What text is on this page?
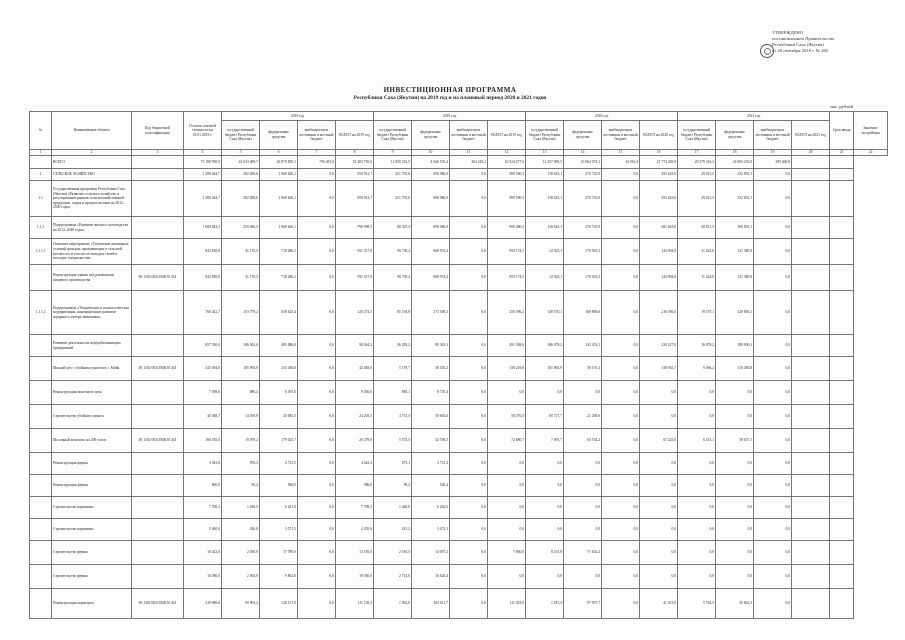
УТВЕРЖДЕНО
постановлением Правительства
Республики Саха (Якутия)
от 28 сентября 2018 г. № 282
ИНВЕСТИЦИОННАЯ ПРОГРАММА
Республики Саха (Якутия) на 2019 год и на плановый период 2020 и 2021 годов
тыс. рублей
№	Наименование объекта	Код бюджетной классификации	Остаток сметной стоимости на 01.01.2019 г.	2019 год				2019 год				2020 год				2021 год				Срок ввода	Заказчик-застройщик
				государственный бюджет Республики Саха (Якутия)	федеральные средства	внебюджетные источники и местный бюджет	ВСЕГО на 2019 год	государственный бюджет Республики Саха (Якутия)	федеральные средства	внебюджетные источники и местный бюджет	ВСЕГО на 2019 год	государственный бюджет Республики Саха (Якутия)	федеральные средства	внебюджетные источники и местный бюджет	ВСЕГО на 2020 год	государственный бюджет Республики Саха (Якутия)	федеральные средства	внебюджетные источники и местный бюджет	ВСЕГО на 2021 год		
1	2	3	4	5	6	7	8	9	10	11	12	13	14	15	16	17	18	19	20	21	22
	ВСЕГО		73 198 950,0	24 633 489,7	26 879 850,1	790 455,8	52 303 795,6	11 858 523,5	4 946 555,4	363 245,2	16 524 677,6	11 457 083,5	10 064 974,1	34 016,4	21 774 469,9	29 279 316,2	24 903 255,0	395 600,8			
1	СЕЛЬСКОЕ ХОЗЯЙСТВО		1 280 444,7	382 286,6	1 068 626,1	0,0	950 912,7	251 755,6	690 986,0	0,0	909 580,3	118 645,1	270 725,9	0,0	395 643,0	29 021,5	352 855,1	0,0			
1.1	Государственная программа Республики Саха (Якутия) «Развитие сельского хозяйства и регулирование рынков сельскохозяйственной продукции, сырья и продовольствия на 2012–2020 годы»		1 280 444,7	382 286,6	1 068 626,1	0,0	950 912,7	251 755,6	690 986,0	0,0	909 580,3	118 645,1	270 725,9	0,0	395 643,0	29 021,5	352 855,1	0,0			
1.1.1	Подпрограмма «Развитие мясного скотоводства на 2012–2020 годы»		1 080 843,2	259 040,3	1 068 626,1	0,0	790 909,5	80 325,3	690 986,0	0,0	909 480,3	118 645,1	270 725,9	0,0	301 643,6	20 811,5	300 853,1	0,0			
1.1.1.1	Основное мероприятие «Улучшение жилищных условий граждан, проживающих в сельской местности, в том числе молодых семей и молодых специалистов»		843 830,8	41 170,3	718 286,1	0,0	591 317,9	90 730,4	668 974,4	0,0	959 174,5	12 925,1	170 933,3	0,0	143 094,8	11 424,0	131 380,9	0,0			
	Реконструкция здания под размещение пищевого производства	00 1302 0821050010 414	843 830,8	41 170,3	718 286,1	0,0	591 317,9	90 730,4	668 974,4	0,0	959 174,5	12 925,1	170 933,3	0,0	143 094,8	11 424,0	131 380,9	0,0			
1.1.1.2	Подпрограмма «Техническая и технологическая модернизация, инновационное развитие аграрного сектора экономики»		766 422,7	153 779,2	638 625,4	0,0	120 274,5	85 194,8	173 300,5	0,0	250 396,2	149 570,1	160 800,6	0,0	216 056,6	19 197,1	220 883,1	0,0			
	Развитие деятельности перерабатывающих предприятий		657 350,0	106 562,0	495 886,0	0,0	98 044,2	36 283,2	89 343,3	0,0	291 508,6	106 378,2	143 452,1	0,0	230 227,0	16 078,2	189 900,1	0,0			
	Мясной цех с убойным пунктом в с. Майя	00 1302 0821050010 414	343 394,0	105 994,0	235 430,6	0,0	42 483,0	5 178,7	30 355,2	0,0	130 219,8	101 863,9	58 191,2	0,0	138 945,7	9 366,2	110 485,8	0,0			
	Реконструкция молочного цеха		7 398,6	886,4	6 491,6	0,0	9 056,6	883,1	8 710,4	0,0	0,0	0,0	0,0	0,0	0,0	0,0	0,0	0,0			
	Строительство убойного пункта		40 368,7	14 019,8	45 082,5	0,0	24 203,5	4 751,3	30 665,6	0,0	58 070,3	69 727,7	21 200,6	0,0	0,0	0,0	0,0	0,0			
	Молочный комплекс на 200 голов	00 1302 0821050010 414	166 185,0	19 079,2	179 025,7	0,0	20 279,0	5 575,5	32 706,5	0,0	72 680,7	7 091,7	63 764,2	0,0	67 225,0	6 413,1	58 637,1	0,0			
	Реконструкция фермы		3 943,8	876,3	2 721,5	0,0	4 642,4	873,1	3 713,4	0,0	0,0	0,0	0,0	0,0	0,0	0,0	0,0	0,0			
	Реконструкция фермы		606,0	90,2	566,0	0,0	586,6	90,2	526,4	0,0	0,0	0,0	0,0	0,0	0,0	0,0	0,0	0,0			
	Строительство коровника		7 700,2	1 448,5	6 261,0	0,0	7 709,3	1 440,0	6 262,0	0,0	0,0	0,0	0,0	0,0	0,0	0,0	0,0	0,0			
	Строительство коровника		5 460,8	426,8	3 571,5	0,0	4 205,6	413,2	3 472,1	0,0	0,0	0,0	0,0	0,0	0,0	0,0	0,0	0,0			
	Строительство фермы		16 422,0	2 030,0	17 789,0	0,0	13 185,0	2 516,5	14 007,2	0,0	7 860,0	8 231,8	71 632,2	0,0	0,0	0,0	0,0	0,0			
	Строительство фермы		16 580,0	2 504,0	9 862,0	0,0	19 050,0	2 714,6	16 625,4	0,0	0,0	0,0	0,0	0,0	0,0	0,0	0,0	0,0			
	Реконструкция кормоцеха	00 1302 0821050010 414	239 096,0	99 993,2	128 157,0	0,0	111 105,3	1 852,0	102 011,7	0,0	111 301,0	1 915,3	97 957,7	0,0	41 451,0	5 764,5	35 842,3	0,0			
